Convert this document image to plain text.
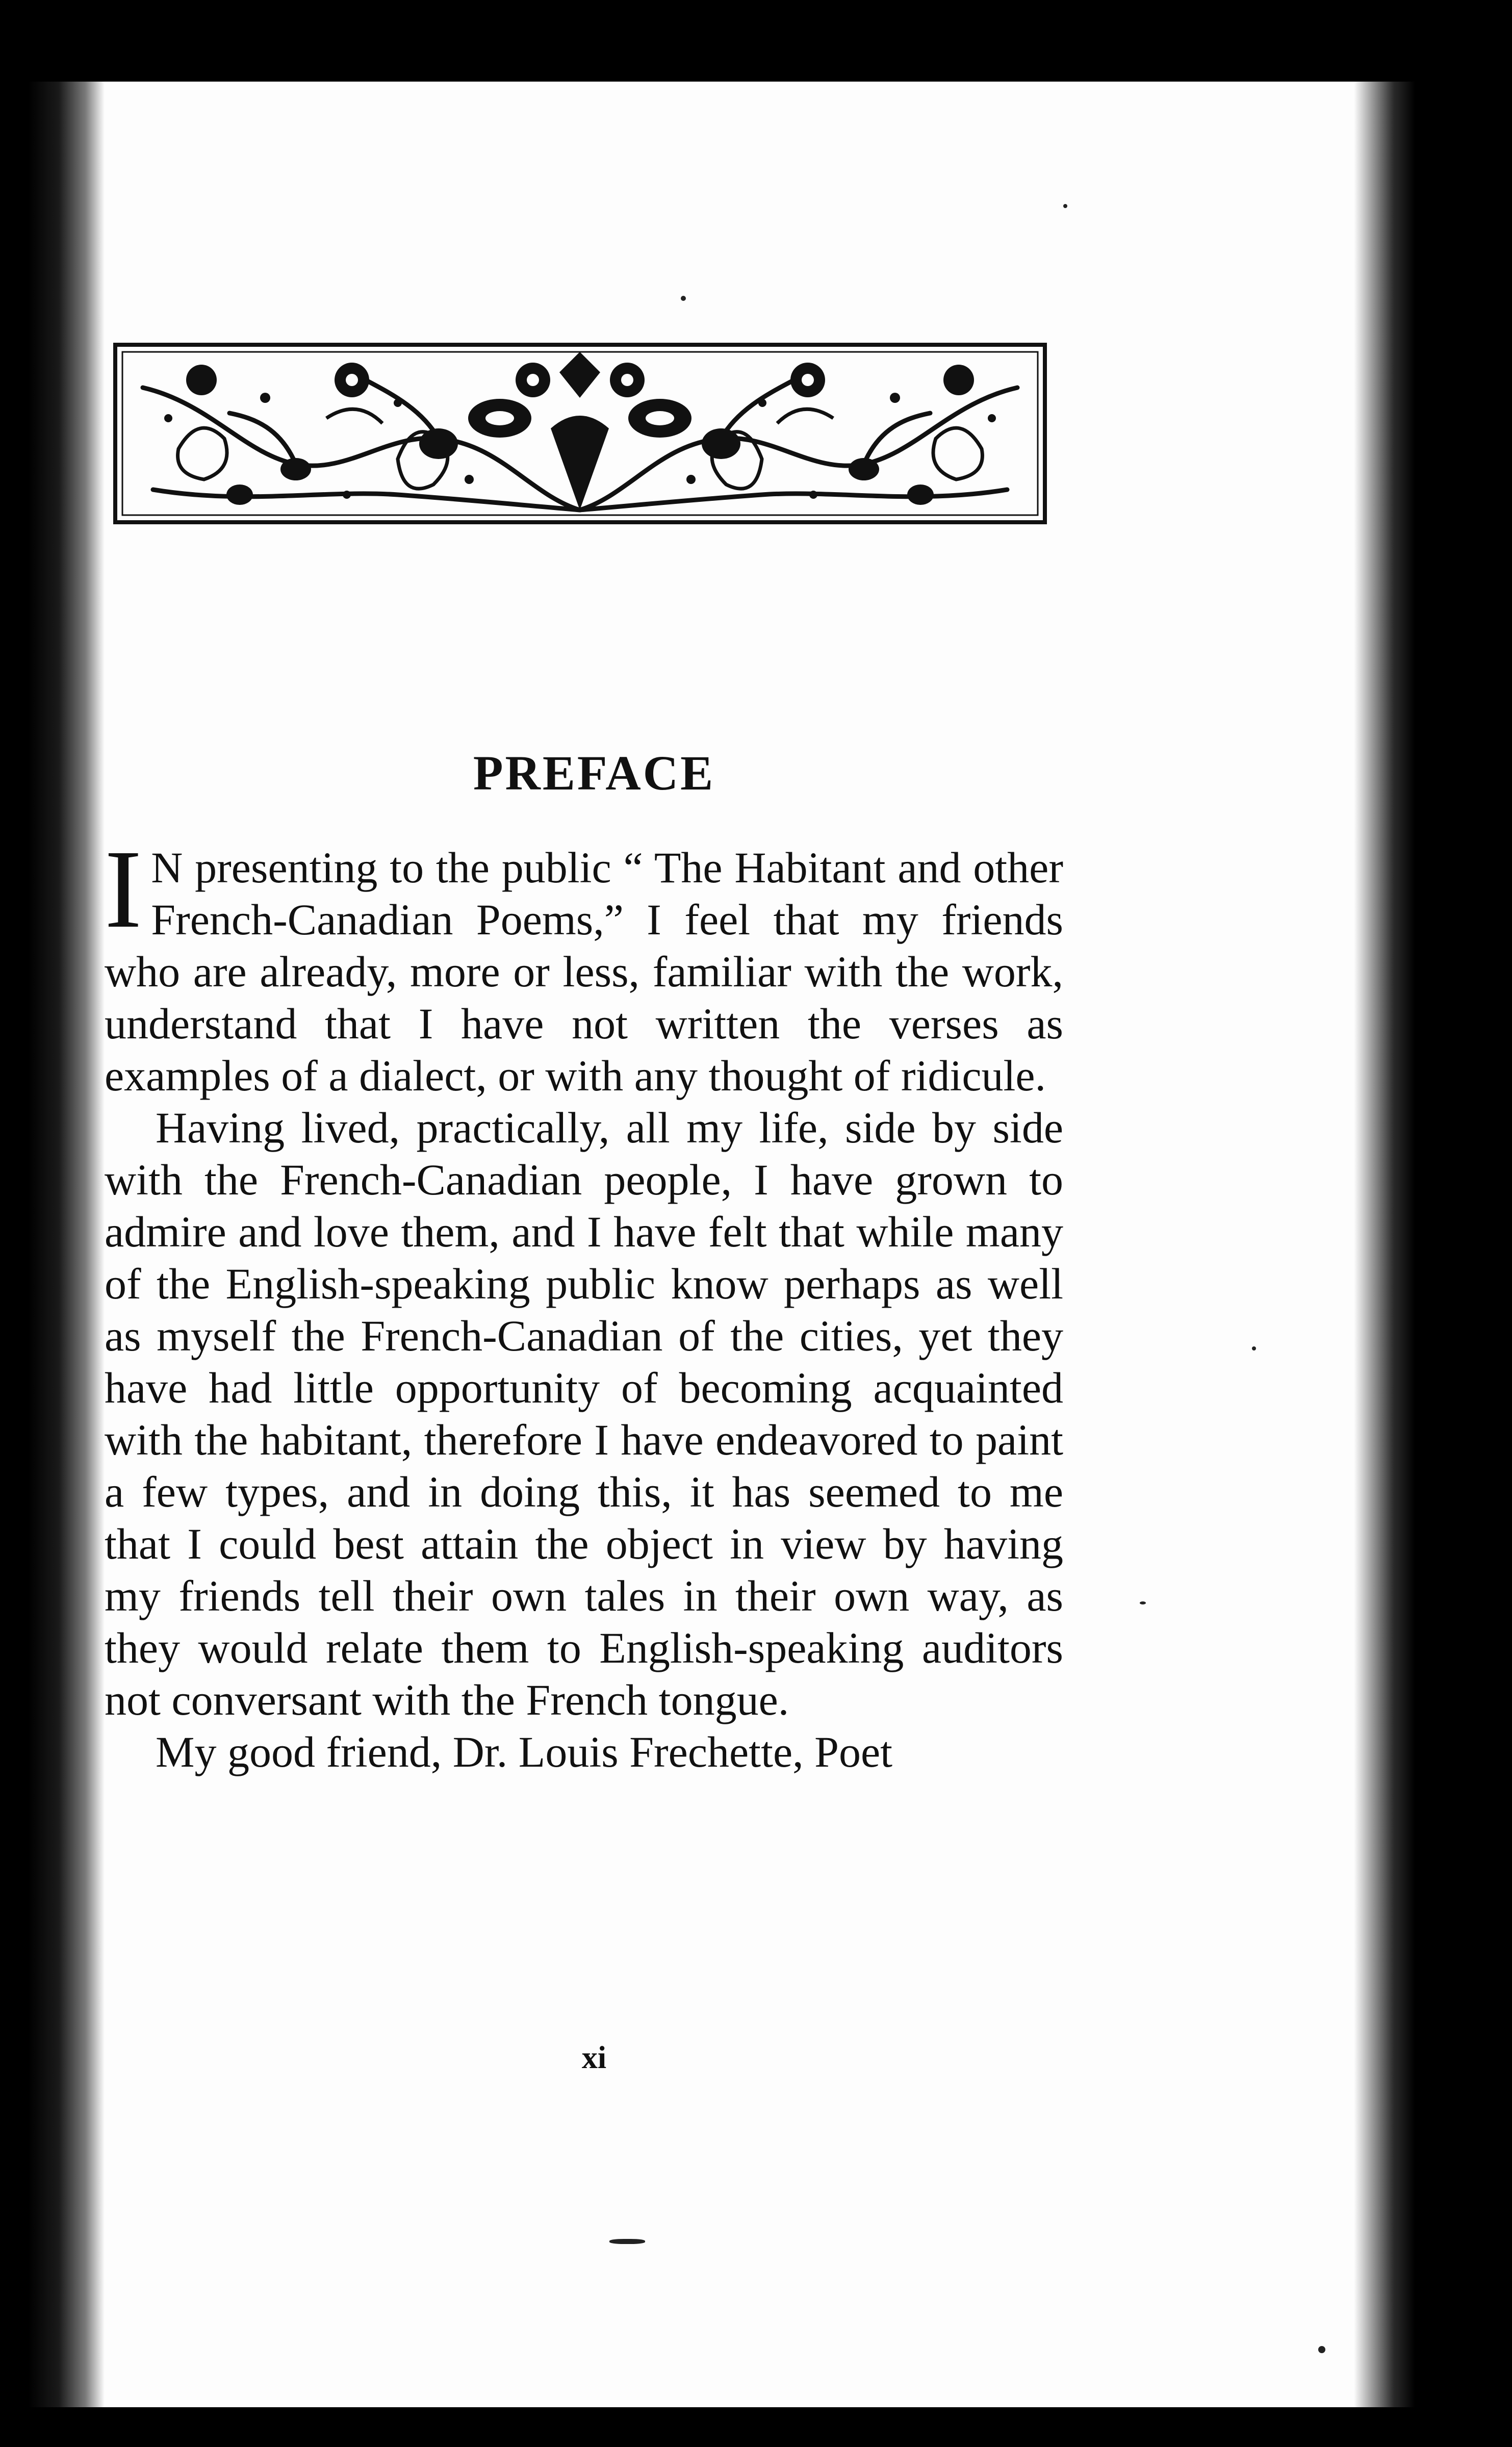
PREFACE

I N presenting to the public “ The Habitant and other French-Canadian Poems,” I feel that my friends who are already, more or less, familiar with the work, understand that I have not written the verses as examples of a dialect, or with any thought of ridicule.

Having lived, practically, all my life, side by side with the French-Canadian people, I have grown to admire and love them, and I have felt that while many of the English-speaking public know perhaps as well as myself the French-Canadian of the cities, yet they have had little opportunity of becoming acquainted with the habitant, therefore I have endeavored to paint a few types, and in doing this, it has seemed to me that I could best attain the object in view by having my friends tell their own tales in their own way, as they would relate them to English-speaking auditors not conversant with the French tongue.

My good friend, Dr. Louis Frechette, Poet

xi
